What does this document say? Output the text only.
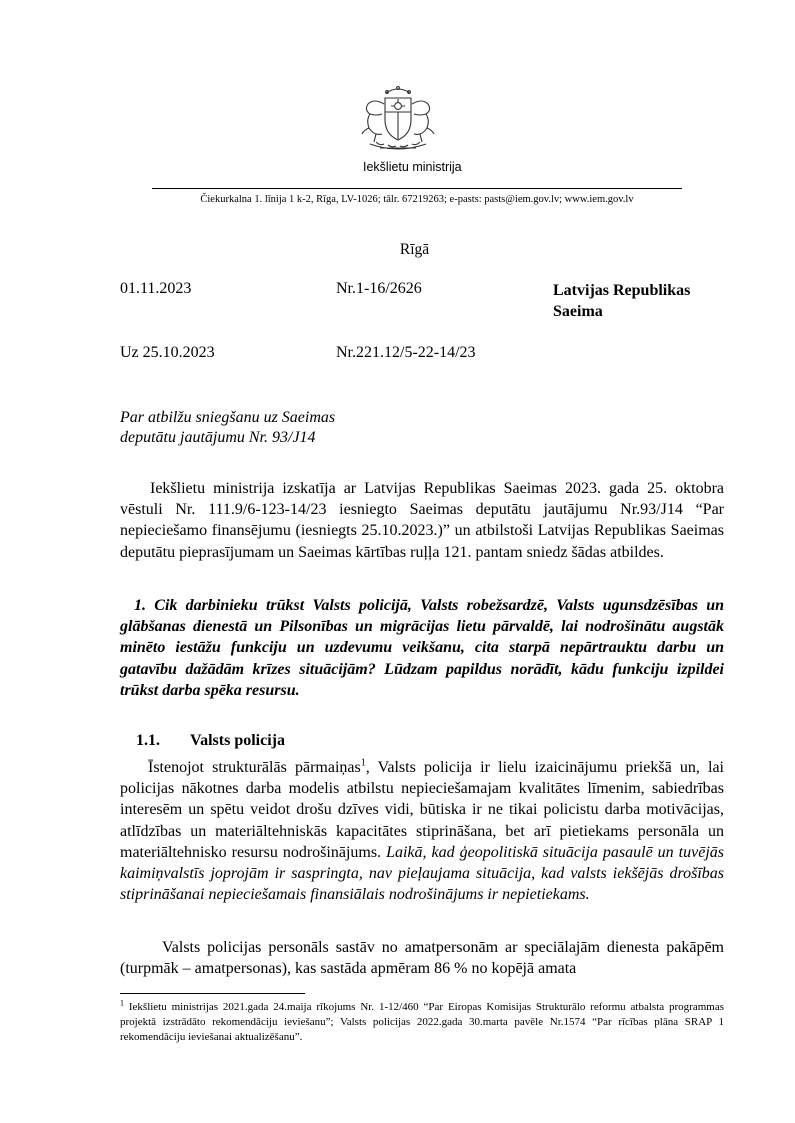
Iekšlietu ministrija
Čiekurkalna 1. līnija 1 k-2, Rīga, LV-1026; tālr. 67219263; e-pasts: pasts@iem.gov.lv; www.iem.gov.lv
Rīgā
01.11.2023	Nr.1-16/2626	Latvijas Republikas
Saeima
Uz 25.10.2023	Nr.221.12/5-22-14/23
Par atbilžu sniegšanu uz Saeimas
deputātu jautājumu Nr. 93/J14
Iekšlietu ministrija izskatīja ar Latvijas Republikas Saeimas 2023. gada 25. oktobra vēstuli Nr. 111.9/6-123-14/23 iesniegto Saeimas deputātu jautājumu Nr.93/J14 “Par nepieciešamo finansējumu (iesniegts 25.10.2023.)” un atbilstoši Latvijas Republikas Saeimas deputātu pieprasījumam un Saeimas kārtības ruļļa 121. pantam sniedz šādas atbildes.
1. Cik darbinieku trūkst Valsts policijā, Valsts robežsardzē, Valsts ugunsdzēsības un glābšanas dienestā un Pilsonības un migrācijas lietu pārvaldē, lai nodrošinātu augstāk minēto iestāžu funkciju un uzdevumu veikšanu, cita starpā nepārtrauktu darbu un gatavību dažādām krīzes situācijām? Lūdzam papildus norādīt, kādu funkciju izpildei trūkst darba spēka resursu.
1.1. Valsts policija
Īstenojot strukturālās pārmaiņas$^1$, Valsts policija ir lielu izaicinājumu priekšā un, lai policijas nākotnes darba modelis atbilstu nepieciešamajam kvalitātes līmenim, sabiedrības interesēm un spētu veidot drošu dzīves vidi, būtiska ir ne tikai policistu darba motivācijas, atlīdzības un materiāltehniskās kapacitātes stiprināšana, bet arī pietiekams personāla un materiāltehnisko resursu nodrošinājums. Laikā, kad ģeopolitiskā situācija pasaulē un tuvējās kaimiņvalstīs joprojām ir saspringta, nav pieļaujama situācija, kad valsts iekšējās drošības stiprināšanai nepieciešamais finansiālais nodrošinājums ir nepietiekams.
Valsts policijas personāls sastāv no amatpersonām ar speciālajām dienesta pakāpēm (turpmāk – amatpersonas), kas sastāda apmēram 86 % no kopējā amata
$^1$ Iekšlietu ministrijas 2021.gada 24.maija rīkojums Nr. 1-12/460 “Par Eiropas Komisijas Strukturālo reformu atbalsta programmas projektā izstrādāto rekomendāciju ieviešanu”; Valsts policijas 2022.gada 30.marta pavēle Nr.1574 “Par rīcības plāna SRAP 1 rekomendāciju ieviešanai aktualizēšanu”.
